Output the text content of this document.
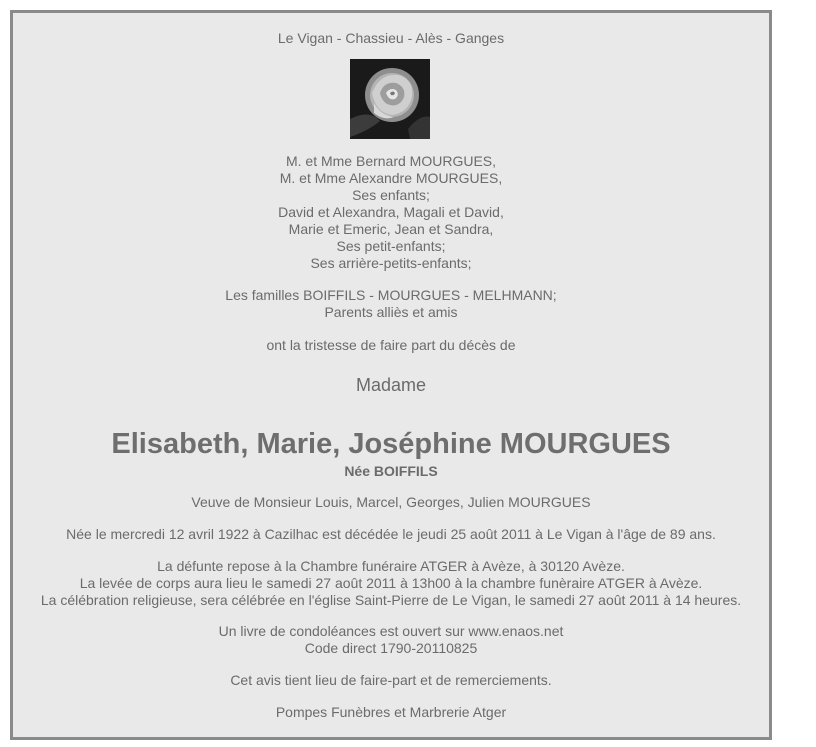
Le Vigan - Chassieu - Alès - Ganges
M. et Mme Bernard MOURGUES,
M. et Mme Alexandre MOURGUES,
Ses enfants;
David et Alexandra, Magali et David,
Marie et Emeric, Jean et Sandra,
Ses petit-enfants;
Ses arrière-petits-enfants;
Les familles BOIFFILS - MOURGUES - MELHMANN;
Parents alliès et amis
ont la tristesse de faire part du décès de
Madame
Elisabeth, Marie, Joséphine MOURGUES
Née BOIFFILS
Veuve de Monsieur Louis, Marcel, Georges, Julien MOURGUES
Née le mercredi 12 avril 1922 à Cazilhac est décédée le jeudi 25 août 2011 à Le Vigan à l'âge de 89 ans.
La défunte repose à la Chambre funéraire ATGER à Avèze, à 30120 Avèze.
La levée de corps aura lieu le samedi 27 août 2011 à 13h00 à la chambre funèraire ATGER à Avèze.
La célébration religieuse, sera célébrée en l'église Saint-Pierre de Le Vigan, le samedi 27 août 2011 à 14 heures.
Un livre de condoléances est ouvert sur www.enaos.net
Code direct 1790-20110825
Cet avis tient lieu de faire-part et de remerciements.
Pompes Funèbres et Marbrerie Atger
